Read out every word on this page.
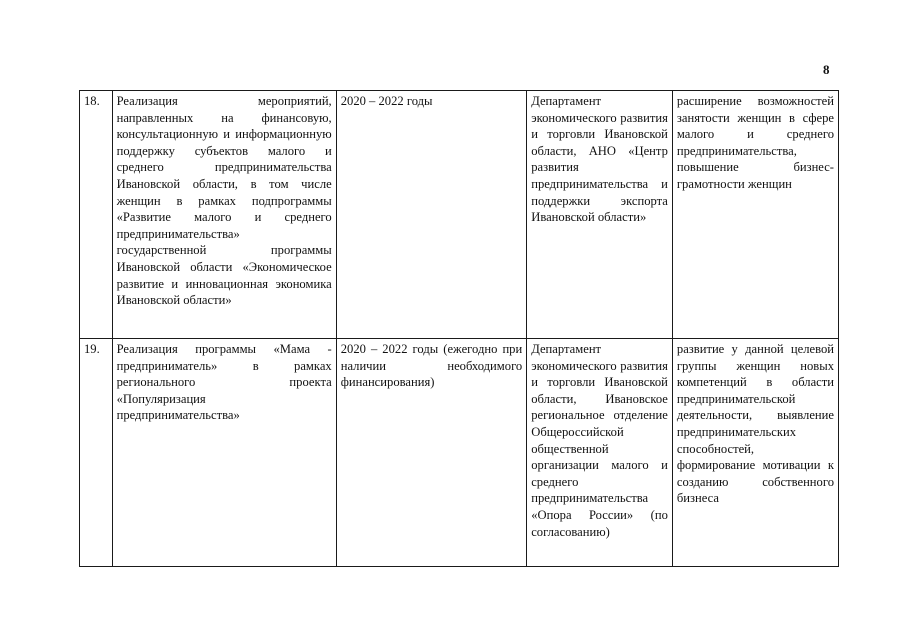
8
18.	Реализация мероприятий, направленных на финансовую, консультационную и информационную поддержку субъектов малого и среднего предпринимательства Ивановской области, в том числе женщин в рамках подпрограммы «Развитие малого и среднего предпринимательства» государственной программы Ивановской области «Экономическое развитие и инновационная экономика Ивановской области»	2020 – 2022 годы	Департамент экономического развития и торговли Ивановской области, АНО «Центр развития предпринимательства и поддержки экспорта Ивановской области»	расширение возможностей занятости женщин в сфере малого и среднего предпринимательства, повышение бизнес-грамотности женщин

19.	Реализация программы «Мама - предприниматель» в рамках регионального проекта «Популяризация предпринимательства»	2020 – 2022 годы (ежегодно при наличии необходимого финансирования)	Департамент экономического развития и торговли Ивановской области, Ивановское региональное отделение Общероссийской общественной организации малого и среднего предпринимательства «Опора России» (по согласованию)	развитие у данной целевой группы женщин новых компетенций в области предпринимательской деятельности, выявление предпринимательских способностей, формирование мотивации к созданию собственного бизнеса
